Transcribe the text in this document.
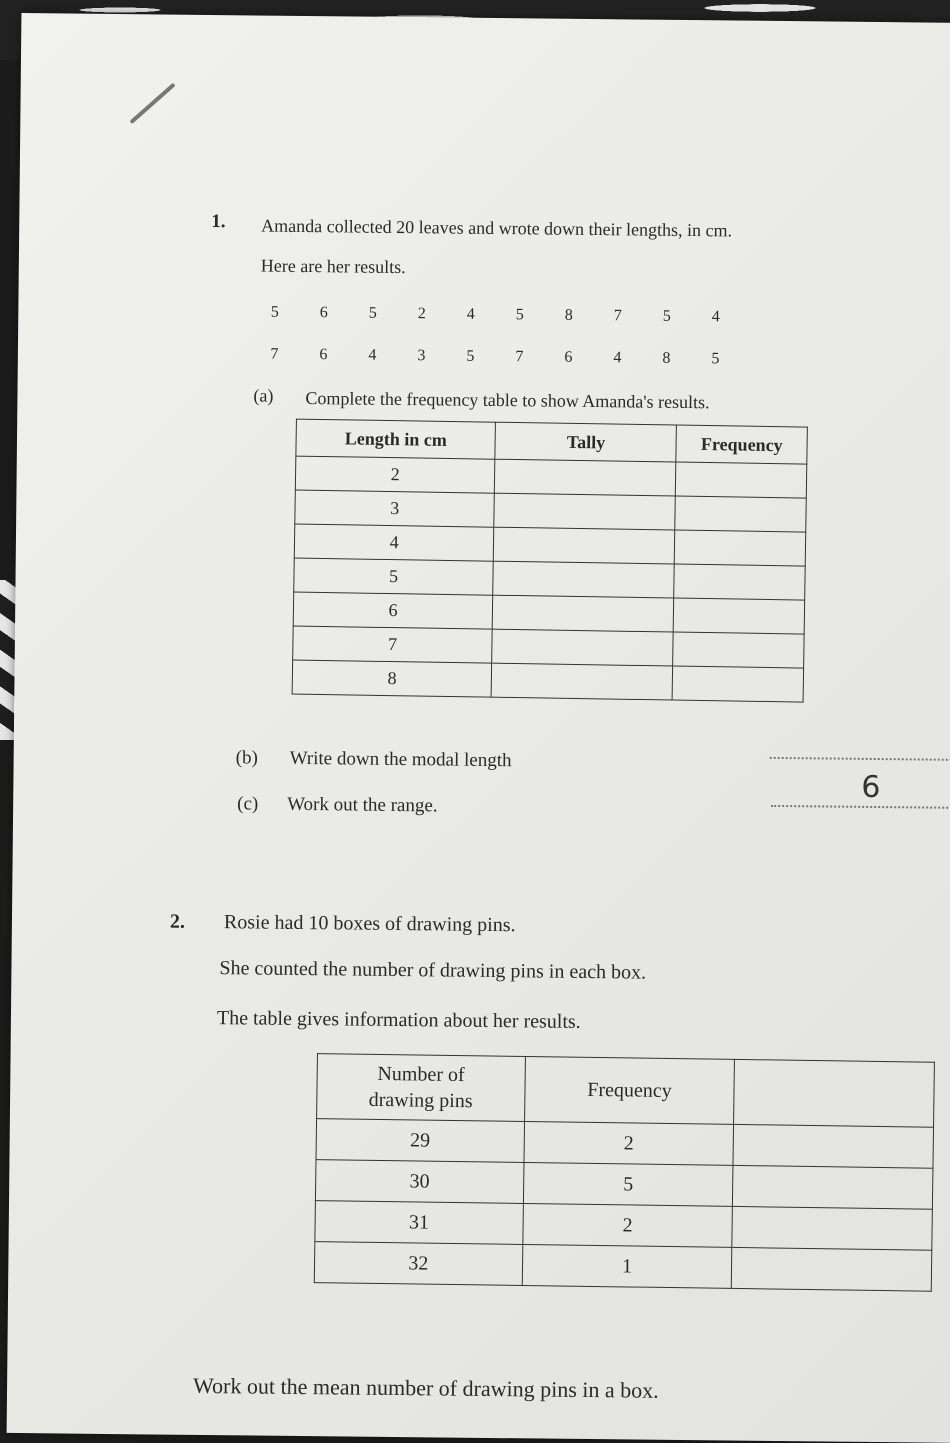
1. Amanda collected 20 leaves and wrote down their lengths, in cm.
Here are her results.
5	6	5	2	4	5	8	7	5	4
7	6	4	3	5	7	6	4	8	5
(a) Complete the frequency table to show Amanda's results.
Length in cm	Tally	Frequency
2		
3		
4		
5		
6		
7		
8		
(b) Write down the modal length
(c) Work out the range.
6
2. Rosie had 10 boxes of drawing pins.
She counted the number of drawing pins in each box.
The table gives information about her results.
Number of
drawing pins	Frequency	
29	2	
30	5	
31	2	
32	1	
Work out the mean number of drawing pins in a box.
